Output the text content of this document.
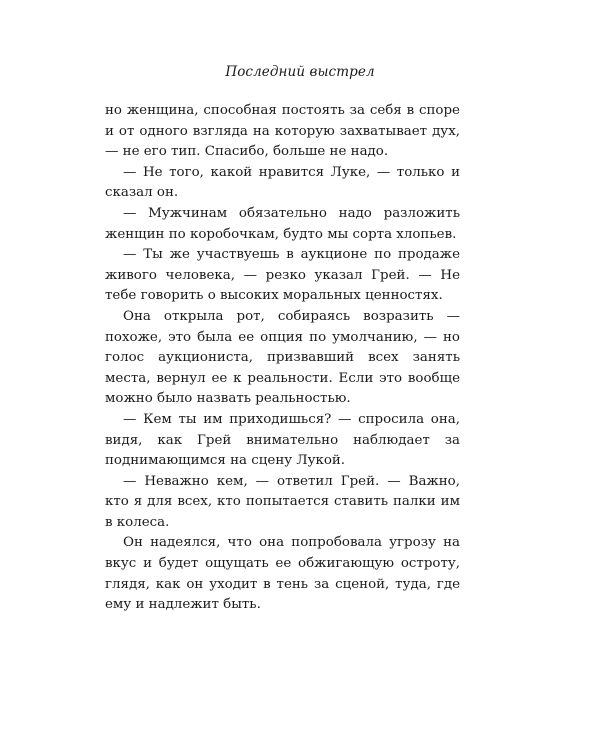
Последний выстрел

но женщина, способная постоять за себя в споре и от одного взгляда на которую захватывает дух, — не его тип. Спасибо, больше не надо.

— Не того, какой нравится Луке, — только и сказал он.

— Мужчинам обязательно надо разложить женщин по коробочкам, будто мы сорта хлопьев.

— Ты же участвуешь в аукционе по продаже живого человека, — резко указал Грей. — Не тебе говорить о высоких моральных ценностях.

Она открыла рот, собираясь возразить — похоже, это была ее опция по умолчанию, — но голос аукциониста, призвавший всех занять места, вернул ее к реальности. Если это вообще можно было назвать реальностью.

— Кем ты им приходишься? — спросила она, видя, как Грей внимательно наблюдает за поднимающимся на сцену Лукой.

— Неважно кем, — ответил Грей. — Важно, кто я для всех, кто попытается ставить палки им в колеса.

Он надеялся, что она попробовала угрозу на вкус и будет ощущать ее обжигающую остроту, глядя, как он уходит в тень за сценой, туда, где ему и надлежит быть.
